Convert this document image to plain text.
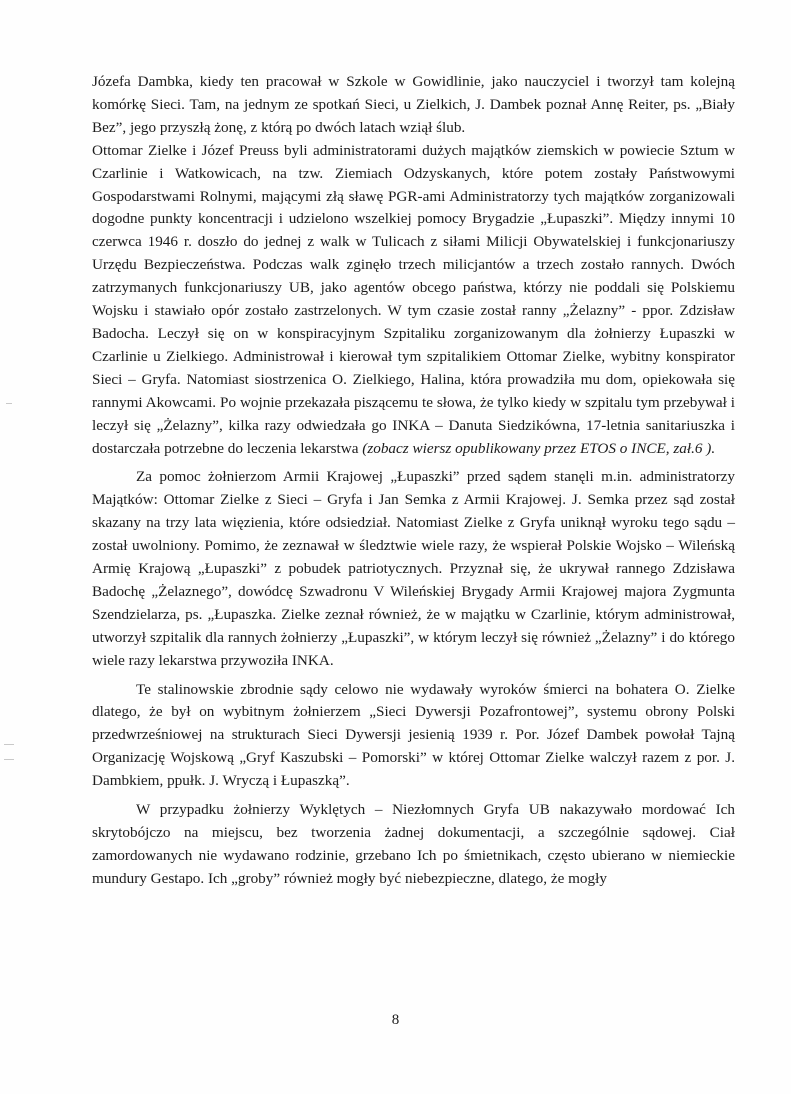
Józefa Dambka, kiedy ten pracował w Szkole w Gowidlinie, jako nauczyciel i tworzył tam kolejną komórkę Sieci. Tam, na jednym ze spotkań Sieci, u Zielkich, J. Dambek poznał Annę Reiter, ps. „Biały Bez”, jego przyszłą żonę, z którą po dwóch latach wziął ślub.

Ottomar Zielke i Józef Preuss byli administratorami dużych majątków ziemskich w powiecie Sztum w Czarlinie i Watkowicach, na tzw. Ziemiach Odzyskanych, które potem zostały Państwowymi Gospodarstwami Rolnymi, mającymi złą sławę PGR-ami Administratorzy tych majątków zorganizowali dogodne punkty koncentracji i udzielono wszelkiej pomocy Brygadzie „Łupaszki”. Między innymi 10 czerwca 1946 r. doszło do jednej z walk w Tulicach z siłami Milicji Obywatelskiej i funkcjonariuszy Urzędu Bezpieczeństwa. Podczas walk zginęło trzech milicjantów a trzech zostało rannych. Dwóch zatrzymanych funkcjonariuszy UB, jako agentów obcego państwa, którzy nie poddali się Polskiemu Wojsku i stawiało opór zostało zastrzelonych. W tym czasie został ranny „Żelazny” - ppor. Zdzisław Badocha. Leczył się on w konspiracyjnym Szpitaliku zorganizowanym dla żołnierzy Łupaszki w Czarlinie u Zielkiego. Administrował i kierował tym szpitalikiem Ottomar Zielke, wybitny konspirator Sieci – Gryfa. Natomiast siostrzenica O. Zielkiego, Halina, która prowadziła mu dom, opiekowała się rannymi Akowcami. Po wojnie przekazała piszącemu te słowa, że tylko kiedy w szpitalu tym przebywał i leczył się „Żelazny”, kilka razy odwiedzała go INKA – Danuta Siedzikówna, 17-letnia sanitariuszka i dostarczała potrzebne do leczenia lekarstwa (zobacz wiersz opublikowany przez ETOS o INCE, zał.6 ).

Za pomoc żołnierzom Armii Krajowej „Łupaszki” przed sądem stanęli m.in. administratorzy Majątków: Ottomar Zielke z Sieci – Gryfa i Jan Semka z Armii Krajowej. J. Semka przez sąd został skazany na trzy lata więzienia, które odsiedział. Natomiast Zielke z Gryfa uniknął wyroku tego sądu – został uwolniony. Pomimo, że zeznawał w śledztwie wiele razy, że wspierał Polskie Wojsko – Wileńską Armię Krajową „Łupaszki” z pobudek patriotycznych. Przyznał się, że ukrywał rannego Zdzisława Badochę „Żelaznego”, dowódcę Szwadronu V Wileńskiej Brygady Armii Krajowej majora Zygmunta Szendzielarza, ps. „Łupaszka. Zielke zeznał również, że w majątku w Czarlinie, którym administrował, utworzył szpitalik dla rannych żołnierzy „Łupaszki”, w którym leczył się również „Żelazny” i do którego wiele razy lekarstwa przywoziła INKA.

Te stalinowskie zbrodnie sądy celowo nie wydawały wyroków śmierci na bohatera O. Zielke dlatego, że był on wybitnym żołnierzem „Sieci Dywersji Pozafrontowej”, systemu obrony Polski przedwrześniowej na strukturach Sieci Dywersji jesienią 1939 r. Por. Józef Dambek powołał Tajną Organizację Wojskową „Gryf Kaszubski – Pomorski” w której Ottomar Zielke walczył razem z por. J. Dambkiem, ppułk. J. Wryczą i Łupaszką”.

W przypadku żołnierzy Wyklętych – Niezłomnych Gryfa UB nakazywało mordować Ich skrytobójczo na miejscu, bez tworzenia żadnej dokumentacji, a szczególnie sądowej. Ciał zamordowanych nie wydawano rodzinie, grzebano Ich po śmietnikach, często ubierano w niemieckie mundury Gestapo. Ich „groby” również mogły być niebezpieczne, dlatego, że mogły

8
